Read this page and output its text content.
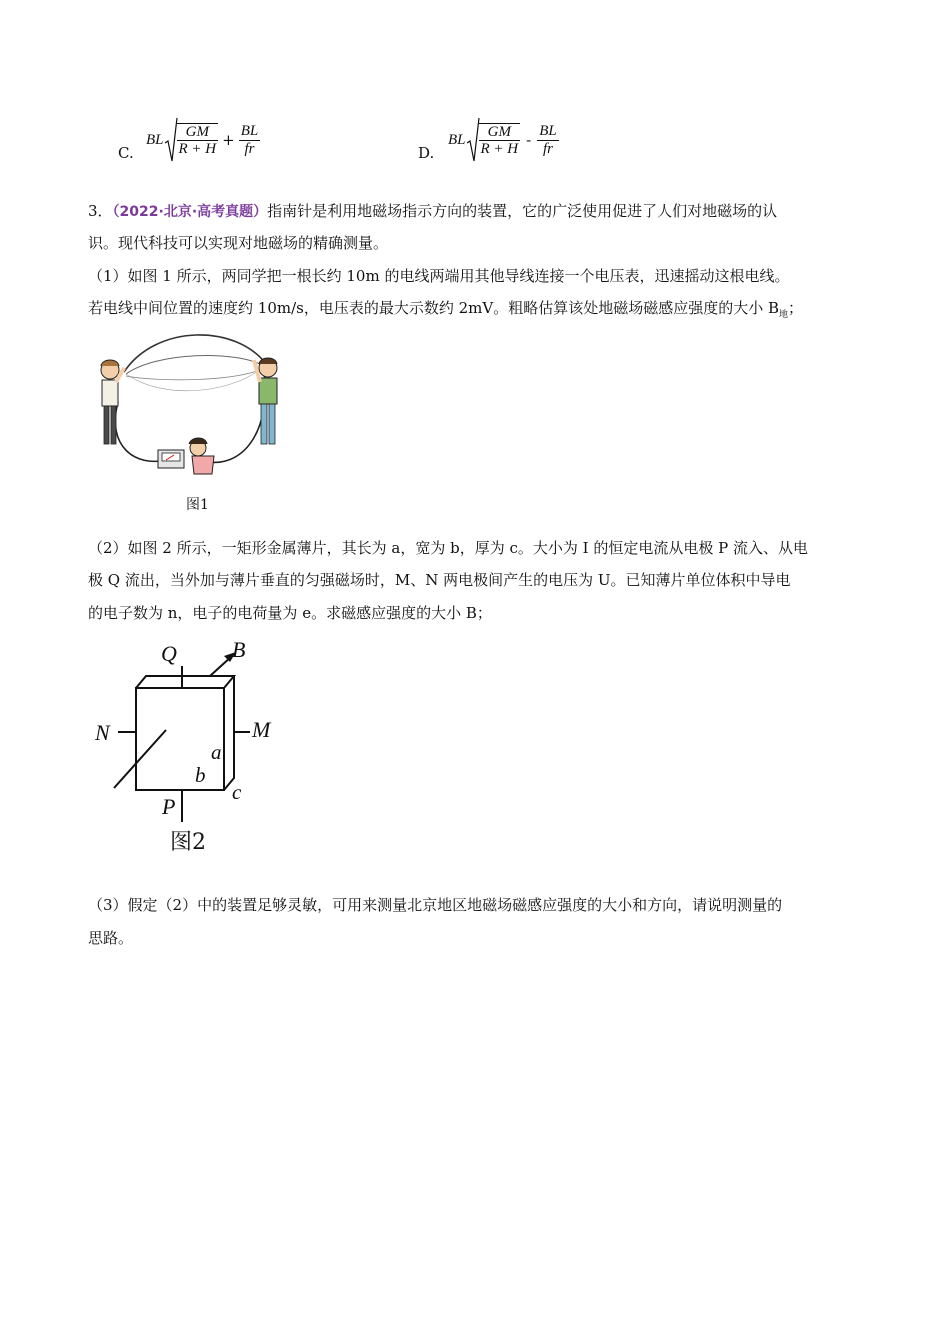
C.
BL $\frac{GM}{R + H} + \frac{BL}{fr}$	D.
BL $\frac{GM}{R + H} - \frac{BL}{fr}$
3．（2022·北京·高考真题）指南针是利用地磁场指示方向的装置，它的广泛使用促进了人们对地磁场的认
识。现代科技可以实现对地磁场的精确测量。
（1）如图 1 所示，两同学把一根长约 10m 的电线两端用其他导线连接一个电压表，迅速摇动这根电线。
若电线中间位置的速度约 10m/s，电压表的最大示数约 2mV。粗略估算该处地磁场磁感应强度的大小 $B_地$；
图1
（2）如图 2 所示，一矩形金属薄片，其长为 a，宽为 b，厚为 c。大小为 I 的恒定电流从电极 P 流入、从电
极 Q 流出，当外加与薄片垂直的匀强磁场时，M、N 两电极间产生的电压为 U。已知薄片单位体积中导电
的电子数为 n，电子的电荷量为 e。求磁感应强度的大小 B；
Q	B
N	M
a
b
c
P
图2
（3）假定（2）中的装置足够灵敏，可用来测量北京地区地磁场磁感应强度的大小和方向，请说明测量的
思路。
